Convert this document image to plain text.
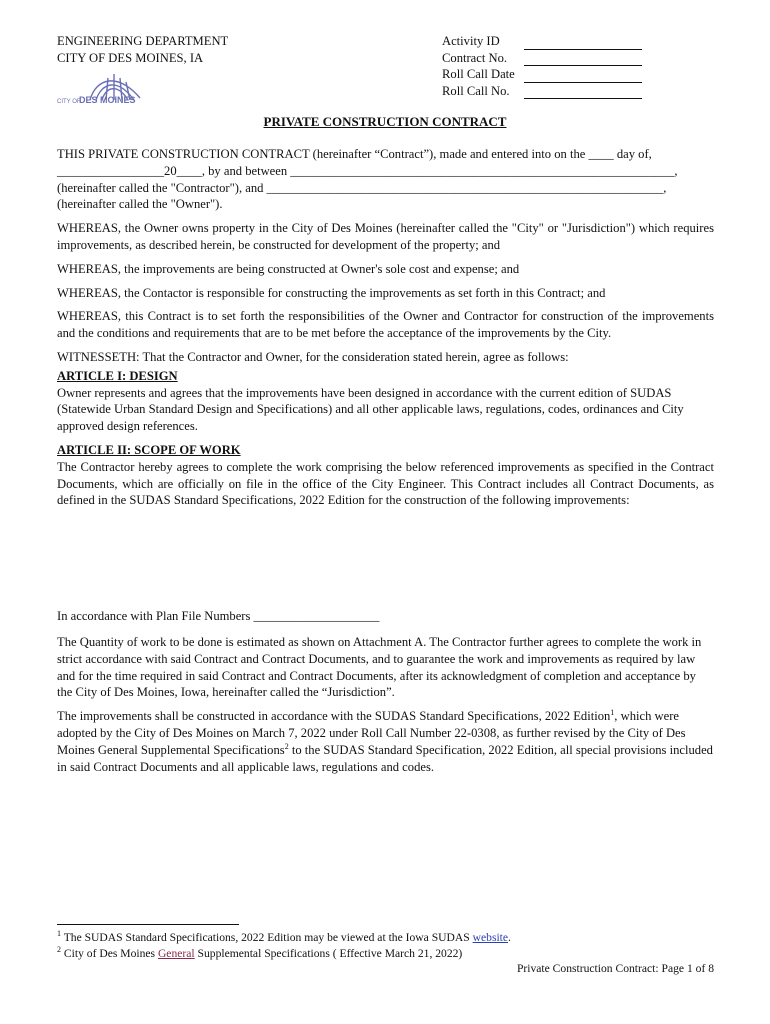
ENGINEERING DEPARTMENT
CITY OF DES MOINES, IA
CITY OF
DES MOINES
Activity ID
Contract No.
Roll Call Date
Roll Call No.
PRIVATE CONSTRUCTION CONTRACT

THIS PRIVATE CONSTRUCTION CONTRACT (hereinafter “Contract”), made and entered into on the ____ day of,
_________________20____, by and between _____________________________________________________________,
(hereinafter called the "Contractor"), and _______________________________________________________________,
(hereinafter called the "Owner").

WHEREAS, the Owner owns property in the City of Des Moines (hereinafter called the "City" or "Jurisdiction") which requires improvements, as described herein, be constructed for development of the property; and

WHEREAS, the improvements are being constructed at Owner's sole cost and expense; and

WHEREAS, the Contactor is responsible for constructing the improvements as set forth in this Contract; and

WHEREAS, this Contract is to set forth the responsibilities of the Owner and Contractor for construction of the improvements and the conditions and requirements that are to be met before the acceptance of the improvements by the City.

WITNESSETH: That the Contractor and Owner, for the consideration stated herein, agree as follows:

ARTICLE I: DESIGN

Owner represents and agrees that the improvements have been designed in accordance with the current edition of SUDAS (Statewide Urban Standard Design and Specifications) and all other applicable laws, regulations, codes, ordinances and City approved design references.

ARTICLE II: SCOPE OF WORK

The Contractor hereby agrees to complete the work comprising the below referenced improvements as specified in the Contract Documents, which are officially on file in the office of the City Engineer. This Contract includes all Contract Documents, as defined in the SUDAS Standard Specifications, 2022 Edition for the construction of the following improvements:

In accordance with Plan File Numbers ____________________

The Quantity of work to be done is estimated as shown on Attachment A. The Contractor further agrees to complete the work in strict accordance with said Contract and Contract Documents, and to guarantee the work and improvements as required by law and for the time required in said Contract and Contract Documents, after its acknowledgment of completion and acceptance by the City of Des Moines, Iowa, hereinafter called the “Jurisdiction”.

The improvements shall be constructed in accordance with the SUDAS Standard Specifications, 2022 Edition$^1$, which were adopted by the City of Des Moines on March 7, 2022 under Roll Call Number 22-0308, as further revised by the City of Des Moines General Supplemental Specifications$^2$ to the SUDAS Standard Specification, 2022 Edition, all special provisions included in said Contract Documents and all applicable laws, regulations and codes.

$^1$ The SUDAS Standard Specifications, 2022 Edition may be viewed at the Iowa SUDAS website.
$^2$ City of Des Moines General Supplemental Specifications ( Effective March 21, 2022)
Private Construction Contract: Page 1 of 8
